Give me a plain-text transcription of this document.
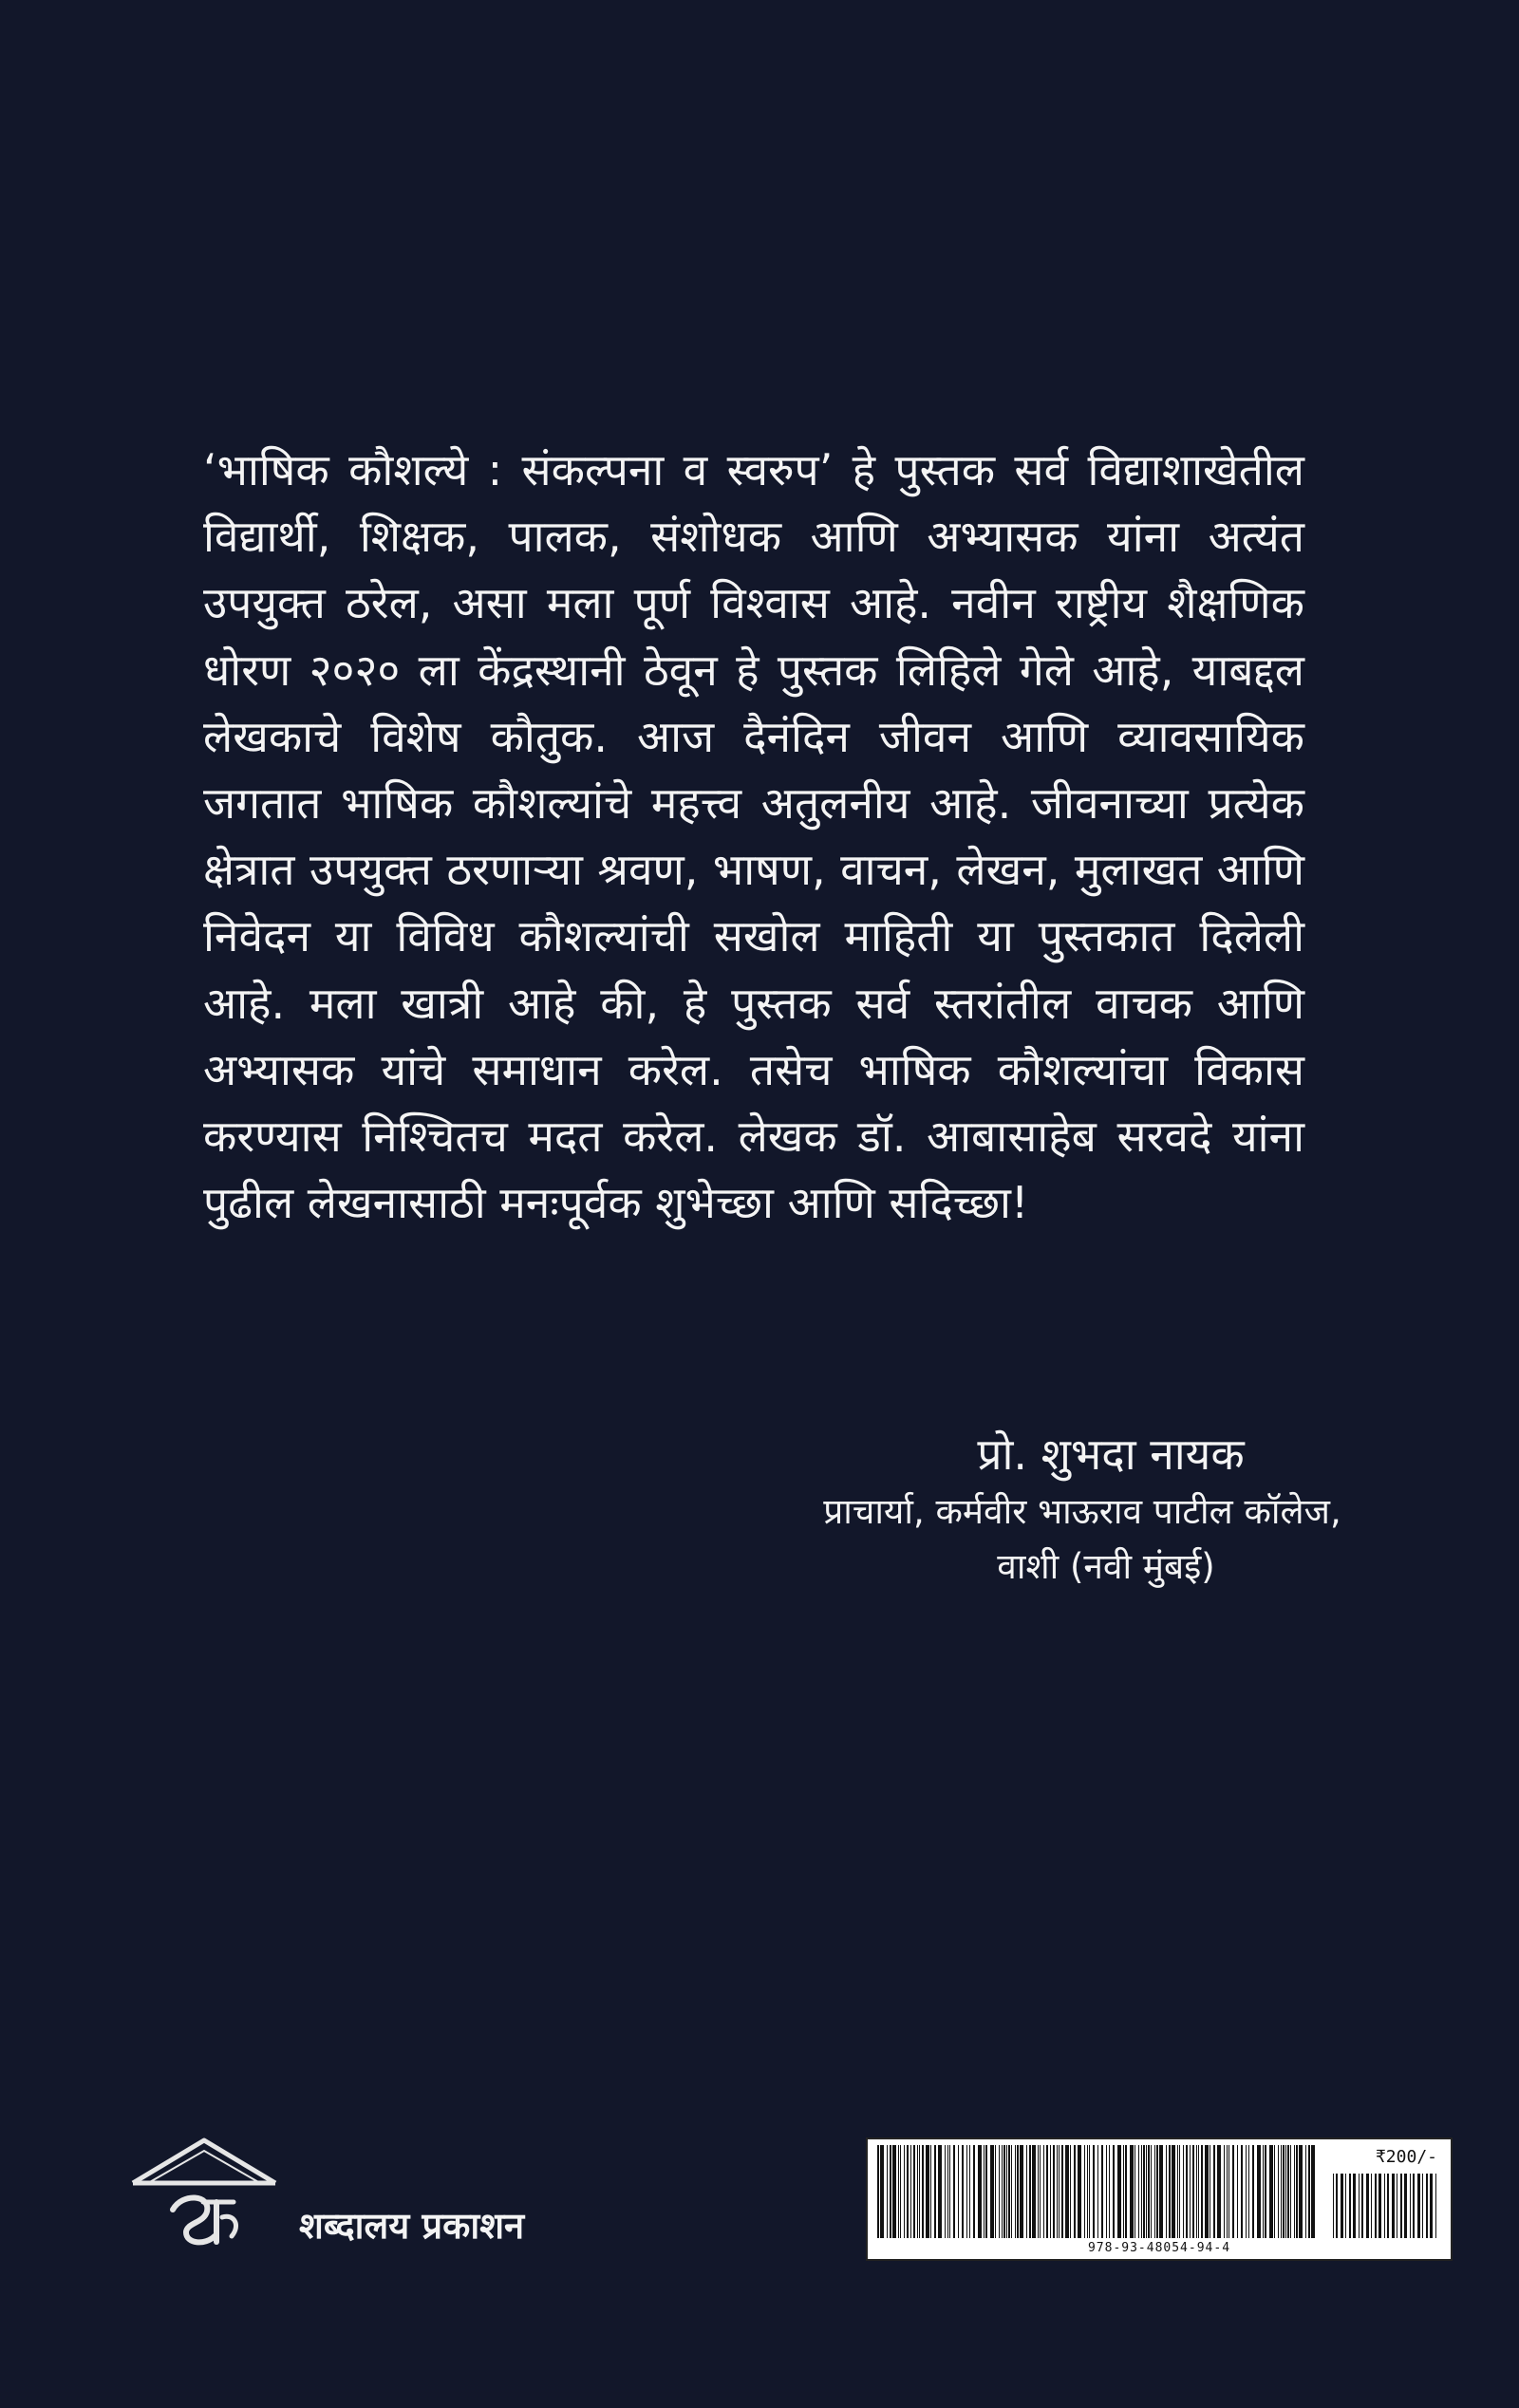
‘भाषिक कौशल्ये : संकल्पना व स्वरुप’ हे पुस्तक सर्व विद्याशाखेतील विद्यार्थी, शिक्षक, पालक, संशोधक आणि अभ्यासक यांना अत्यंत उपयुक्त ठरेल, असा मला पूर्ण विश्वास आहे. नवीन राष्ट्रीय शैक्षणिक धोरण २०२० ला केंद्रस्थानी ठेवून हे पुस्तक लिहिले गेले आहे, याबद्दल लेखकाचे विशेष कौतुक. आज दैनंदिन जीवन आणि व्यावसायिक जगतात भाषिक कौशल्यांचे महत्त्व अतुलनीय आहे. जीवनाच्या प्रत्येक क्षेत्रात उपयुक्त ठरणाऱ्या श्रवण, भाषण, वाचन, लेखन, मुलाखत आणि निवेदन या विविध कौशल्यांची सखोल माहिती या पुस्तकात दिलेली आहे. मला खात्री आहे की, हे पुस्तक सर्व स्तरांतील वाचक आणि अभ्यासक यांचे समाधान करेल. तसेच भाषिक कौशल्यांचा विकास करण्यास निश्चितच मदत करेल. लेखक डॉ. आबासाहेब सरवदे यांना पुढील लेखनासाठी मनःपूर्वक शुभेच्छा आणि सदिच्छा!

प्रो. शुभदा नायक
प्राचार्या, कर्मवीर भाऊराव पाटील कॉलेज,
वाशी (नवी मुंबई)
शब्दालय प्रकाशन
₹200/-
978-93-48054-94-4
